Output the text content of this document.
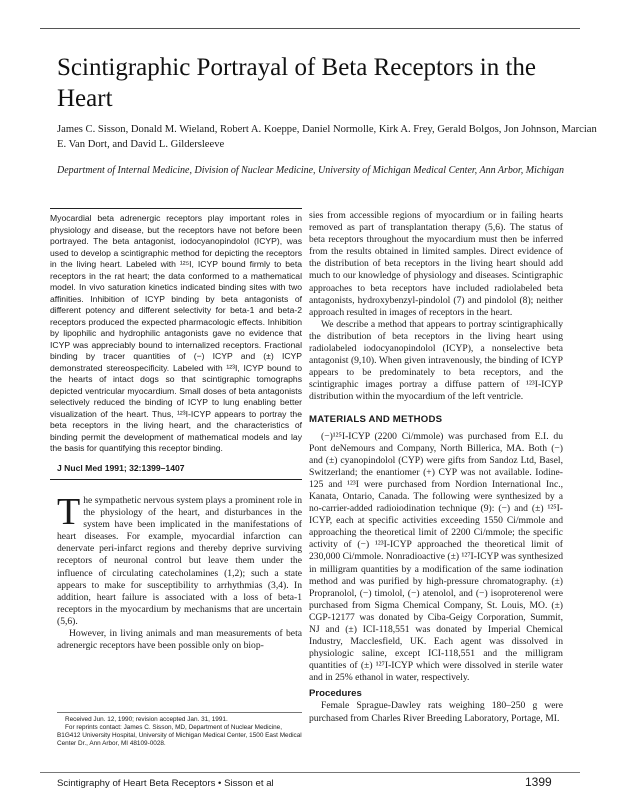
Scintigraphic Portrayal of Beta Receptors in the Heart

James C. Sisson, Donald M. Wieland, Robert A. Koeppe, Daniel Normolle, Kirk A. Frey, Gerald Bolgos, Jon Johnson, Marcian E. Van Dort, and David L. Gildersleeve

Department of Internal Medicine, Division of Nuclear Medicine, University of Michigan Medical Center, Ann Arbor, Michigan

Myocardial beta adrenergic receptors play important roles in physiology and disease, but the receptors have not before been portrayed. The beta antagonist, iodocyanopindolol (ICYP), was used to develop a scintigraphic method for depicting the receptors in the living heart. Labeled with ¹²⁵I, ICYP bound firmly to beta receptors in the rat heart; the data conformed to a mathematical model. In vivo saturation kinetics indicated binding sites with two affinities. Inhibition of ICYP binding by beta antagonists of different potency and different selectivity for beta-1 and beta-2 receptors produced the expected pharmacologic effects. Inhibition by lipophilic and hydrophilic antagonists gave no evidence that ICYP was appreciably bound to internalized receptors. Fractional binding by tracer quantities of (−) ICYP and (±) ICYP demonstrated stereospecificity. Labeled with ¹²³I, ICYP bound to the hearts of intact dogs so that scintigraphic tomographs depicted ventricular myocardium. Small doses of beta antagonists selectively reduced the binding of ICYP to lung enabling better visualization of the heart. Thus, ¹²³I-ICYP appears to portray the beta receptors in the living heart, and the characteristics of binding permit the development of mathematical models and lay the basis for quantifying this receptor binding.

J Nucl Med 1991; 32:1399–1407

The sympathetic nervous system plays a prominent role in the physiology of the heart, and disturbances in the system have been implicated in the manifestations of heart diseases. For example, myocardial infarction can denervate peri-infarct regions and thereby deprive surviving receptors of neuronal control but leave them under the influence of circulating catecholamines (1,2); such a state appears to make for susceptibility to arrhythmias (3,4). In addition, heart failure is associated with a loss of beta-1 receptors in the myocardium by mechanisms that are uncertain (5,6).

However, in living animals and man measurements of beta adrenergic receptors have been possible only on biop-

Received Jun. 12, 1990; revision accepted Jan. 31, 1991.

For reprints contact: James C. Sisson, MD, Department of Nuclear Medicine, B1G412 University Hospital, University of Michigan Medical Center, 1500 East Medical Center Dr., Ann Arbor, MI 48109-0028.

sies from accessible regions of myocardium or in failing hearts removed as part of transplantation therapy (5,6). The status of beta receptors throughout the myocardium must then be inferred from the results obtained in limited samples. Direct evidence of the distribution of beta receptors in the living heart should add much to our knowledge of physiology and diseases. Scintigraphic approaches to beta receptors have included radiolabeled beta antagonists, hydroxybenzyl-pindolol (7) and pindolol (8); neither approach resulted in images of receptors in the heart.

We describe a method that appears to portray scintigraphically the distribution of beta receptors in the living heart using radiolabeled iodocyanopindolol (ICYP), a nonselective beta antagonist (9,10). When given intravenously, the binding of ICYP appears to be predominately to beta receptors, and the scintigraphic images portray a diffuse pattern of ¹²³I-ICYP distribution within the myocardium of the left ventricle.

MATERIALS AND METHODS

(−)¹²⁵I-ICYP (2200 Ci/mmole) was purchased from E.I. du Pont deNemours and Company, North Billerica, MA. Both (−) and (±) cyanopindolol (CYP) were gifts from Sandoz Ltd, Basel, Switzerland; the enantiomer (+) CYP was not available. Iodine-125 and ¹²³I were purchased from Nordion International Inc., Kanata, Ontario, Canada. The following were synthesized by a no-carrier-added radioiodination technique (9): (−) and (±) ¹²⁵I-ICYP, each at specific activities exceeding 1550 Ci/mmole and approaching the theoretical limit of 2200 Ci/mmole; the specific activity of (−) ¹²³I-ICYP approached the theoretical limit of 230,000 Ci/mmole. Nonradioactive (±) ¹²⁷I-ICYP was synthesized in milligram quantities by a modification of the same iodination method and was purified by high-pressure chromatography. (±) Propranolol, (−) timolol, (−) atenolol, and (−) isoproterenol were purchased from Sigma Chemical Company, St. Louis, MO. (±) CGP-12177 was donated by Ciba-Geigy Corporation, Summit, NJ and (±) ICI-118,551 was donated by Imperial Chemical Industry, Macclesfield, UK. Each agent was dissolved in physiologic saline, except ICI-118,551 and the milligram quantities of (±) ¹²⁷I-ICYP which were dissolved in sterile water and in 25% ethanol in water, respectively.

Procedures

Female Sprague-Dawley rats weighing 180–250 g were purchased from Charles River Breeding Laboratory, Portage, MI.

Scintigraphy of Heart Beta Receptors • Sisson et al	1399
